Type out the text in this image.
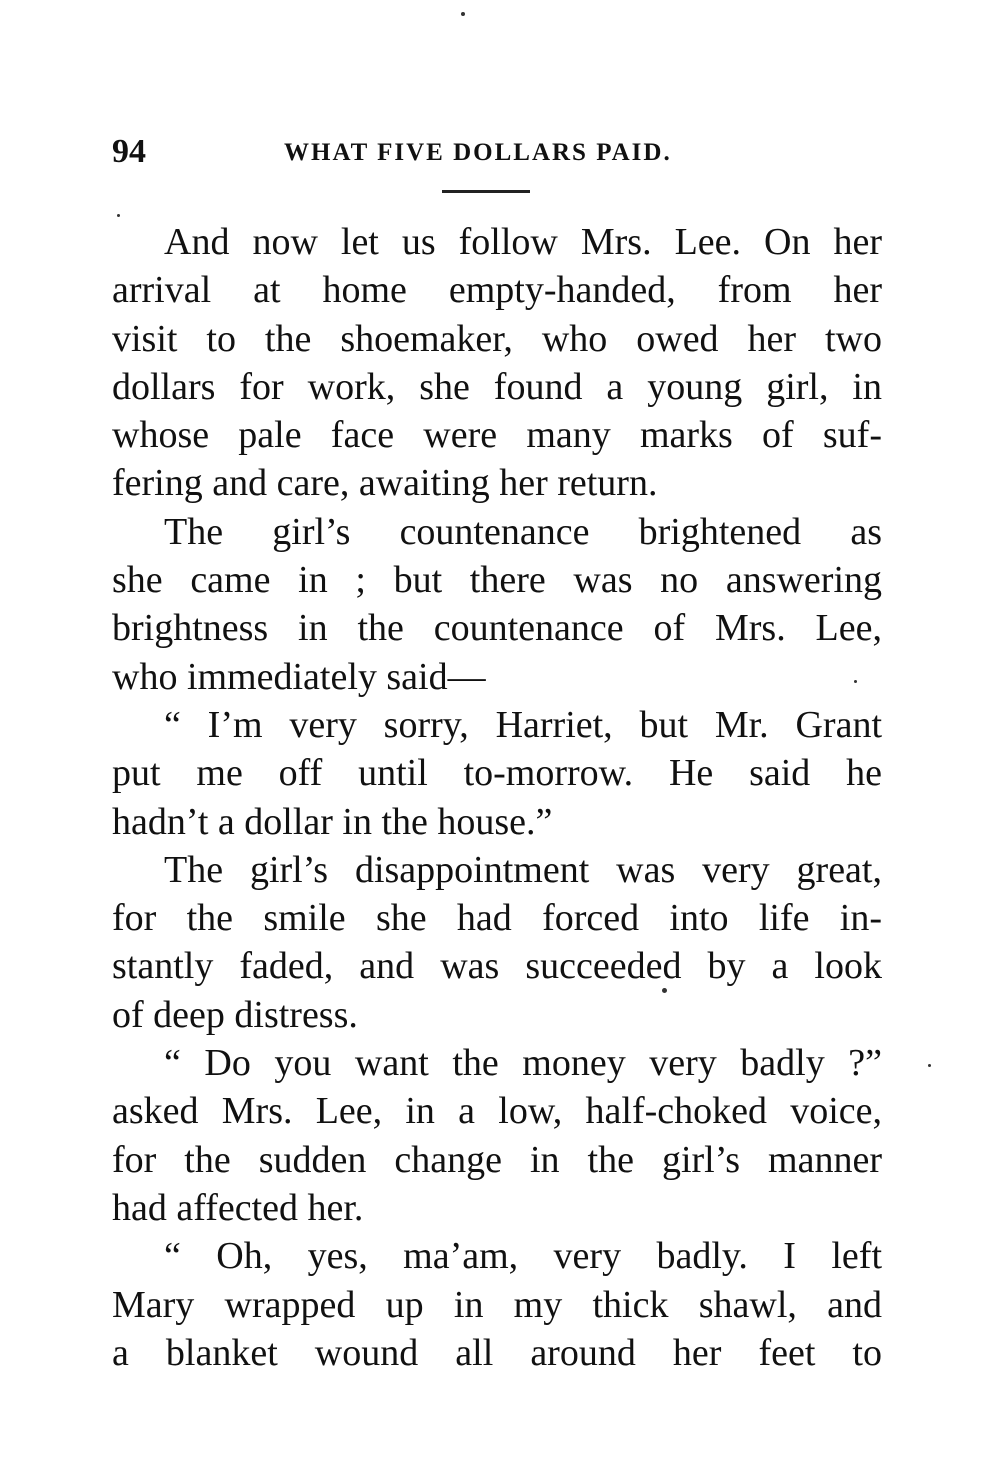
94	WHAT FIVE DOLLARS PAID.
And now let us follow Mrs. Lee. On her
arrival at home empty-handed, from her
visit to the shoemaker, who owed her two
dollars for work, she found a young girl, in
whose pale face were many marks of suf-
fering and care, awaiting her return.
The girl’s countenance brightened as
she came in ; but there was no answering
brightness in the countenance of Mrs. Lee,
who immediately said—
“ I’m very sorry, Harriet, but Mr. Grant
put me off until to-morrow. He said he
hadn’t a dollar in the house.”
The girl’s disappointment was very great,
for the smile she had forced into life in-
stantly faded, and was succeeded by a look
of deep distress.
“ Do you want the money very badly ?”
asked Mrs. Lee, in a low, half-choked voice,
for the sudden change in the girl’s manner
had affected her.
“ Oh, yes, ma’am, very badly. I left
Mary wrapped up in my thick shawl, and
a blanket wound all around her feet to
